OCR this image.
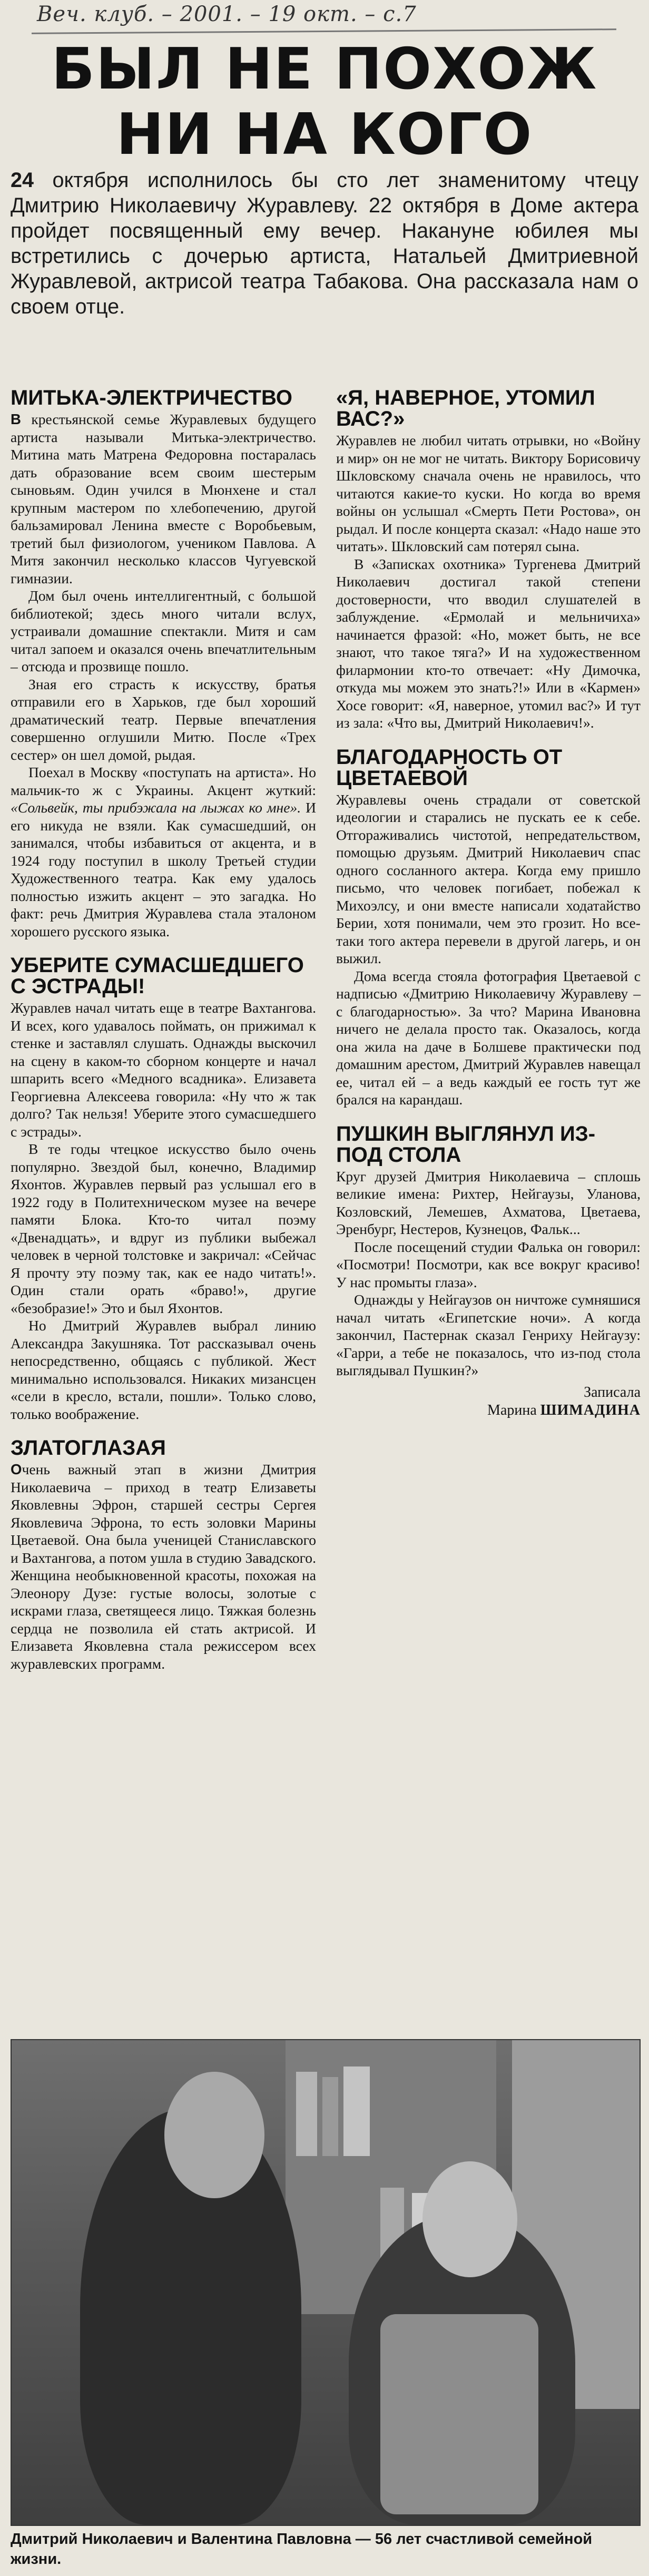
Веч. клуб. – 2001. – 19 окт. – с.7
БЫЛ НЕ ПОХОЖ
НИ НА КОГО
24 октября исполнилось бы сто лет знаменитому чтецу Дмитрию Николаевичу Журавлеву. 22 октября в Доме актера пройдет посвященный ему вечер. Накануне юбилея мы встретились с дочерью артиста, Натальей Дмитриевной Журавлевой, актрисой театра Табакова. Она рассказала нам о своем отце.
МИТЬКА-ЭЛЕКТРИЧЕСТВО

В крестьянской семье Журавлевых будущего артиста называли Митька-электричество. Митина мать Матрена Федоровна постаралась дать образование всем своим шестерым сыновьям. Один учился в Мюнхене и стал крупным мастером по хлебопечению, другой бальзамировал Ленина вместе с Воробьевым, третий был физиологом, учеником Павлова. А Митя закончил несколько классов Чугуевской гимназии.

Дом был очень интеллигентный, с большой библиотекой; здесь много читали вслух, устраивали домашние спектакли. Митя и сам читал запоем и оказался очень впечатлительным – отсюда и прозвище пошло.

Зная его страсть к искусству, братья отправили его в Харьков, где был хороший драматический театр. Первые впечатления совершенно оглушили Митю. После «Трех сестер» он шел домой, рыдая.

Поехал в Москву «поступать на артиста». Но мальчик-то ж с Украины. Акцент жуткий: «Сольвейк, ты прибэжала на лыжах ко мне». И его никуда не взяли. Как сумасшедший, он занимался, чтобы избавиться от акцента, и в 1924 году поступил в школу Третьей студии Художественного театра. Как ему удалось полностью изжить акцент – это загадка. Но факт: речь Дмитрия Журавлева стала эталоном хорошего русского языка.

УБЕРИТЕ СУМАСШЕДШЕГО С ЭСТРАДЫ!

Журавлев начал читать еще в театре Вахтангова. И всех, кого удавалось поймать, он прижимал к стенке и заставлял слушать. Однажды выскочил на сцену в каком-то сборном концерте и начал шпарить всего «Медного всадника». Елизавета Георгиевна Алексеева говорила: «Ну что ж так долго? Так нельзя! Уберите этого сумасшедшего с эстрады».

В те годы чтецкое искусство было очень популярно. Звездой был, конечно, Владимир Яхонтов. Журавлев первый раз услышал его в 1922 году в Политехническом музее на вечере памяти Блока. Кто-то читал поэму «Двенадцать», и вдруг из публики выбежал человек в черной толстовке и закричал: «Сейчас Я прочту эту поэму так, как ее надо читать!». Один стали орать «браво!», другие «безобразие!» Это и был Яхонтов.

Но Дмитрий Журавлев выбрал линию Александра Закушняка. Тот рассказывал очень непосредственно, общаясь с публикой. Жест минимально использовался. Никаких мизансцен «сели в кресло, встали, пошли». Только слово, только воображение.

ЗЛАТОГЛАЗАЯ

Очень важный этап в жизни Дмитрия Николаевича – приход в театр Елизаветы Яковлевны Эфрон, старшей сестры Сергея Яковлевича Эфрона, то есть золовки Марины Цветаевой. Она была ученицей Станиславского и Вахтангова, а потом ушла в студию Завадского. Женщина необыкновенной красоты, похожая на Элеонору Дузе: густые волосы, золотые с искрами глаза, светящееся лицо. Тяжкая болезнь сердца не позволила ей стать актрисой. И Елизавета Яковлевна стала режиссером всех журавлевских программ.

«Я, НАВЕРНОЕ, УТОМИЛ ВАС?»

Журавлев не любил читать отрывки, но «Войну и мир» он не мог не читать. Виктору Борисовичу Шкловскому сначала очень не нравилось, что читаются какие-то куски. Но когда во время войны он услышал «Смерть Пети Ростова», он рыдал. И после концерта сказал: «Надо наше это читать». Шкловский сам потерял сына.

В «Записках охотника» Тургенева Дмитрий Николаевич достигал такой степени достоверности, что вводил слушателей в заблуждение. «Ермолай и мельничиха» начинается фразой: «Но, может быть, не все знают, что такое тяга?» И на художественном филармонии кто-то отвечает: «Ну Димочка, откуда мы можем это знать?!» Или в «Кармен» Хосе говорит: «Я, наверное, утомил вас?» И тут из зала: «Что вы, Дмитрий Николаевич!».

БЛАГОДАРНОСТЬ ОТ ЦВЕТАЕВОЙ

Журавлевы очень страдали от советской идеологии и старались не пускать ее к себе. Отгораживались чистотой, непредательством, помощью друзьям. Дмитрий Николаевич спас одного сосланного актера. Когда ему пришло письмо, что человек погибает, побежал к Михоэлсу, и они вместе написали ходатайство Берии, хотя понимали, чем это грозит. Но все-таки того актера перевели в другой лагерь, и он выжил.

Дома всегда стояла фотография Цветаевой с надписью «Дмитрию Николаевичу Журавлеву – с благодарностью». За что? Марина Ивановна ничего не делала просто так. Оказалось, когда она жила на даче в Болшеве практически под домашним арестом, Дмитрий Журавлев навещал ее, читал ей – а ведь каждый ее гость тут же брался на карандаш.

ПУШКИН ВЫГЛЯНУЛ ИЗ-ПОД СТОЛА

Круг друзей Дмитрия Николаевича – сплошь великие имена: Рихтер, Нейгаузы, Уланова, Козловский, Лемешев, Ахматова, Цветаева, Эренбург, Нестеров, Кузнецов, Фальк...

После посещений студии Фалька он говорил: «Посмотри! Посмотри, как все вокруг красиво! У нас промыты глаза».

Однажды у Нейгаузов он ничтоже сумняшися начал читать «Египетские ночи». А когда закончил, Пастернак сказал Генриху Нейгаузу: «Гарри, а тебе не показалось, что из-под стола выглядывал Пушкин?»

Записала
Марина ШИМАДИНА
Дмитрий Николаевич и Валентина Павловна — 56 лет счастливой семейной жизни.
